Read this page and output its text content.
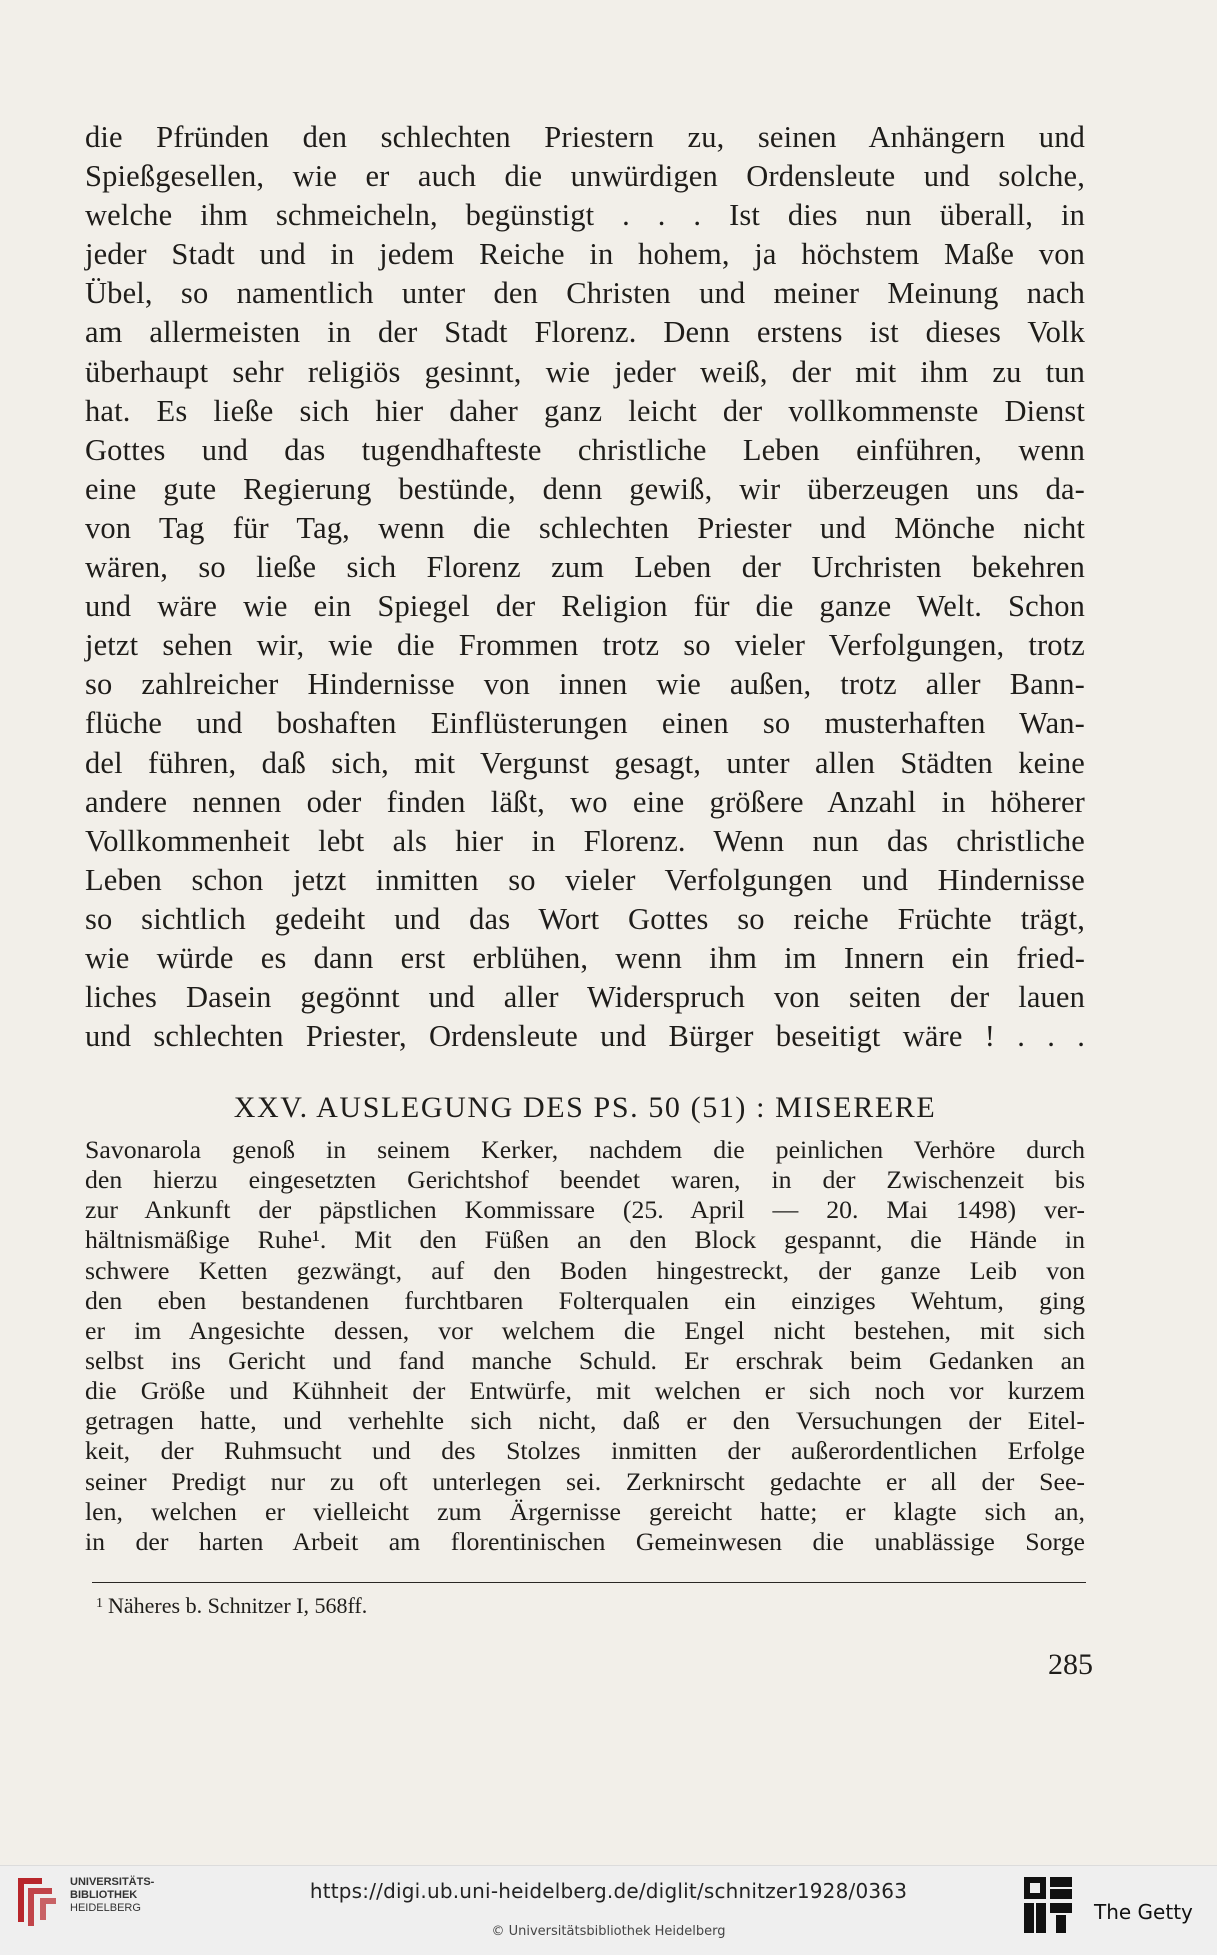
die Pfründen den schlechten Priestern zu, seinen Anhängern und
Spießgesellen, wie er auch die unwürdigen Ordensleute und solche,
welche ihm schmeicheln, begünstigt . . . Ist dies nun überall, in
jeder Stadt und in jedem Reiche in hohem, ja höchstem Maße von
Übel, so namentlich unter den Christen und meiner Meinung nach
am allermeisten in der Stadt Florenz. Denn erstens ist dieses Volk
überhaupt sehr religiös gesinnt, wie jeder weiß, der mit ihm zu tun
hat. Es ließe sich hier daher ganz leicht der vollkommenste Dienst
Gottes und das tugendhafteste christliche Leben einführen, wenn
eine gute Regierung bestünde, denn gewiß, wir überzeugen uns da-
von Tag für Tag, wenn die schlechten Priester und Mönche nicht
wären, so ließe sich Florenz zum Leben der Urchristen bekehren
und wäre wie ein Spiegel der Religion für die ganze Welt. Schon
jetzt sehen wir, wie die Frommen trotz so vieler Verfolgungen, trotz
so zahlreicher Hindernisse von innen wie außen, trotz aller Bann-
flüche und boshaften Einflüsterungen einen so musterhaften Wan-
del führen, daß sich, mit Vergunst gesagt, unter allen Städten keine
andere nennen oder finden läßt, wo eine größere Anzahl in höherer
Vollkommenheit lebt als hier in Florenz. Wenn nun das christliche
Leben schon jetzt inmitten so vieler Verfolgungen und Hindernisse
so sichtlich gedeiht und das Wort Gottes so reiche Früchte trägt,
wie würde es dann erst erblühen, wenn ihm im Innern ein fried-
liches Dasein gegönnt und aller Widerspruch von seiten der lauen
und schlechten Priester, Ordensleute und Bürger beseitigt wäre ! . . .
XXV. AUSLEGUNG DES PS. 50 (51) : MISERERE
Savonarola genoß in seinem Kerker, nachdem die peinlichen Verhöre durch
den hierzu eingesetzten Gerichtshof beendet waren, in der Zwischenzeit bis
zur Ankunft der päpstlichen Kommissare (25. April — 20. Mai 1498) ver-
hältnismäßige Ruhe¹. Mit den Füßen an den Block gespannt, die Hände in
schwere Ketten gezwängt, auf den Boden hingestreckt, der ganze Leib von
den eben bestandenen furchtbaren Folterqualen ein einziges Wehtum, ging
er im Angesichte dessen, vor welchem die Engel nicht bestehen, mit sich
selbst ins Gericht und fand manche Schuld. Er erschrak beim Gedanken an
die Größe und Kühnheit der Entwürfe, mit welchen er sich noch vor kurzem
getragen hatte, und verhehlte sich nicht, daß er den Versuchungen der Eitel-
keit, der Ruhmsucht und des Stolzes inmitten der außerordentlichen Erfolge
seiner Predigt nur zu oft unterlegen sei. Zerknirscht gedachte er all der See-
len, welchen er vielleicht zum Ärgernisse gereicht hatte; er klagte sich an,
in der harten Arbeit am florentinischen Gemeinwesen die unablässige Sorge
$^1$ Näheres b. Schnitzer I, 568ff.
285
UNIVERSITÄTS-
BIBLIOTHEK
HEIDELBERG
https://digi.ub.uni-heidelberg.de/diglit/schnitzer1928/0363
© Universitätsbibliothek Heidelberg
The Getty
